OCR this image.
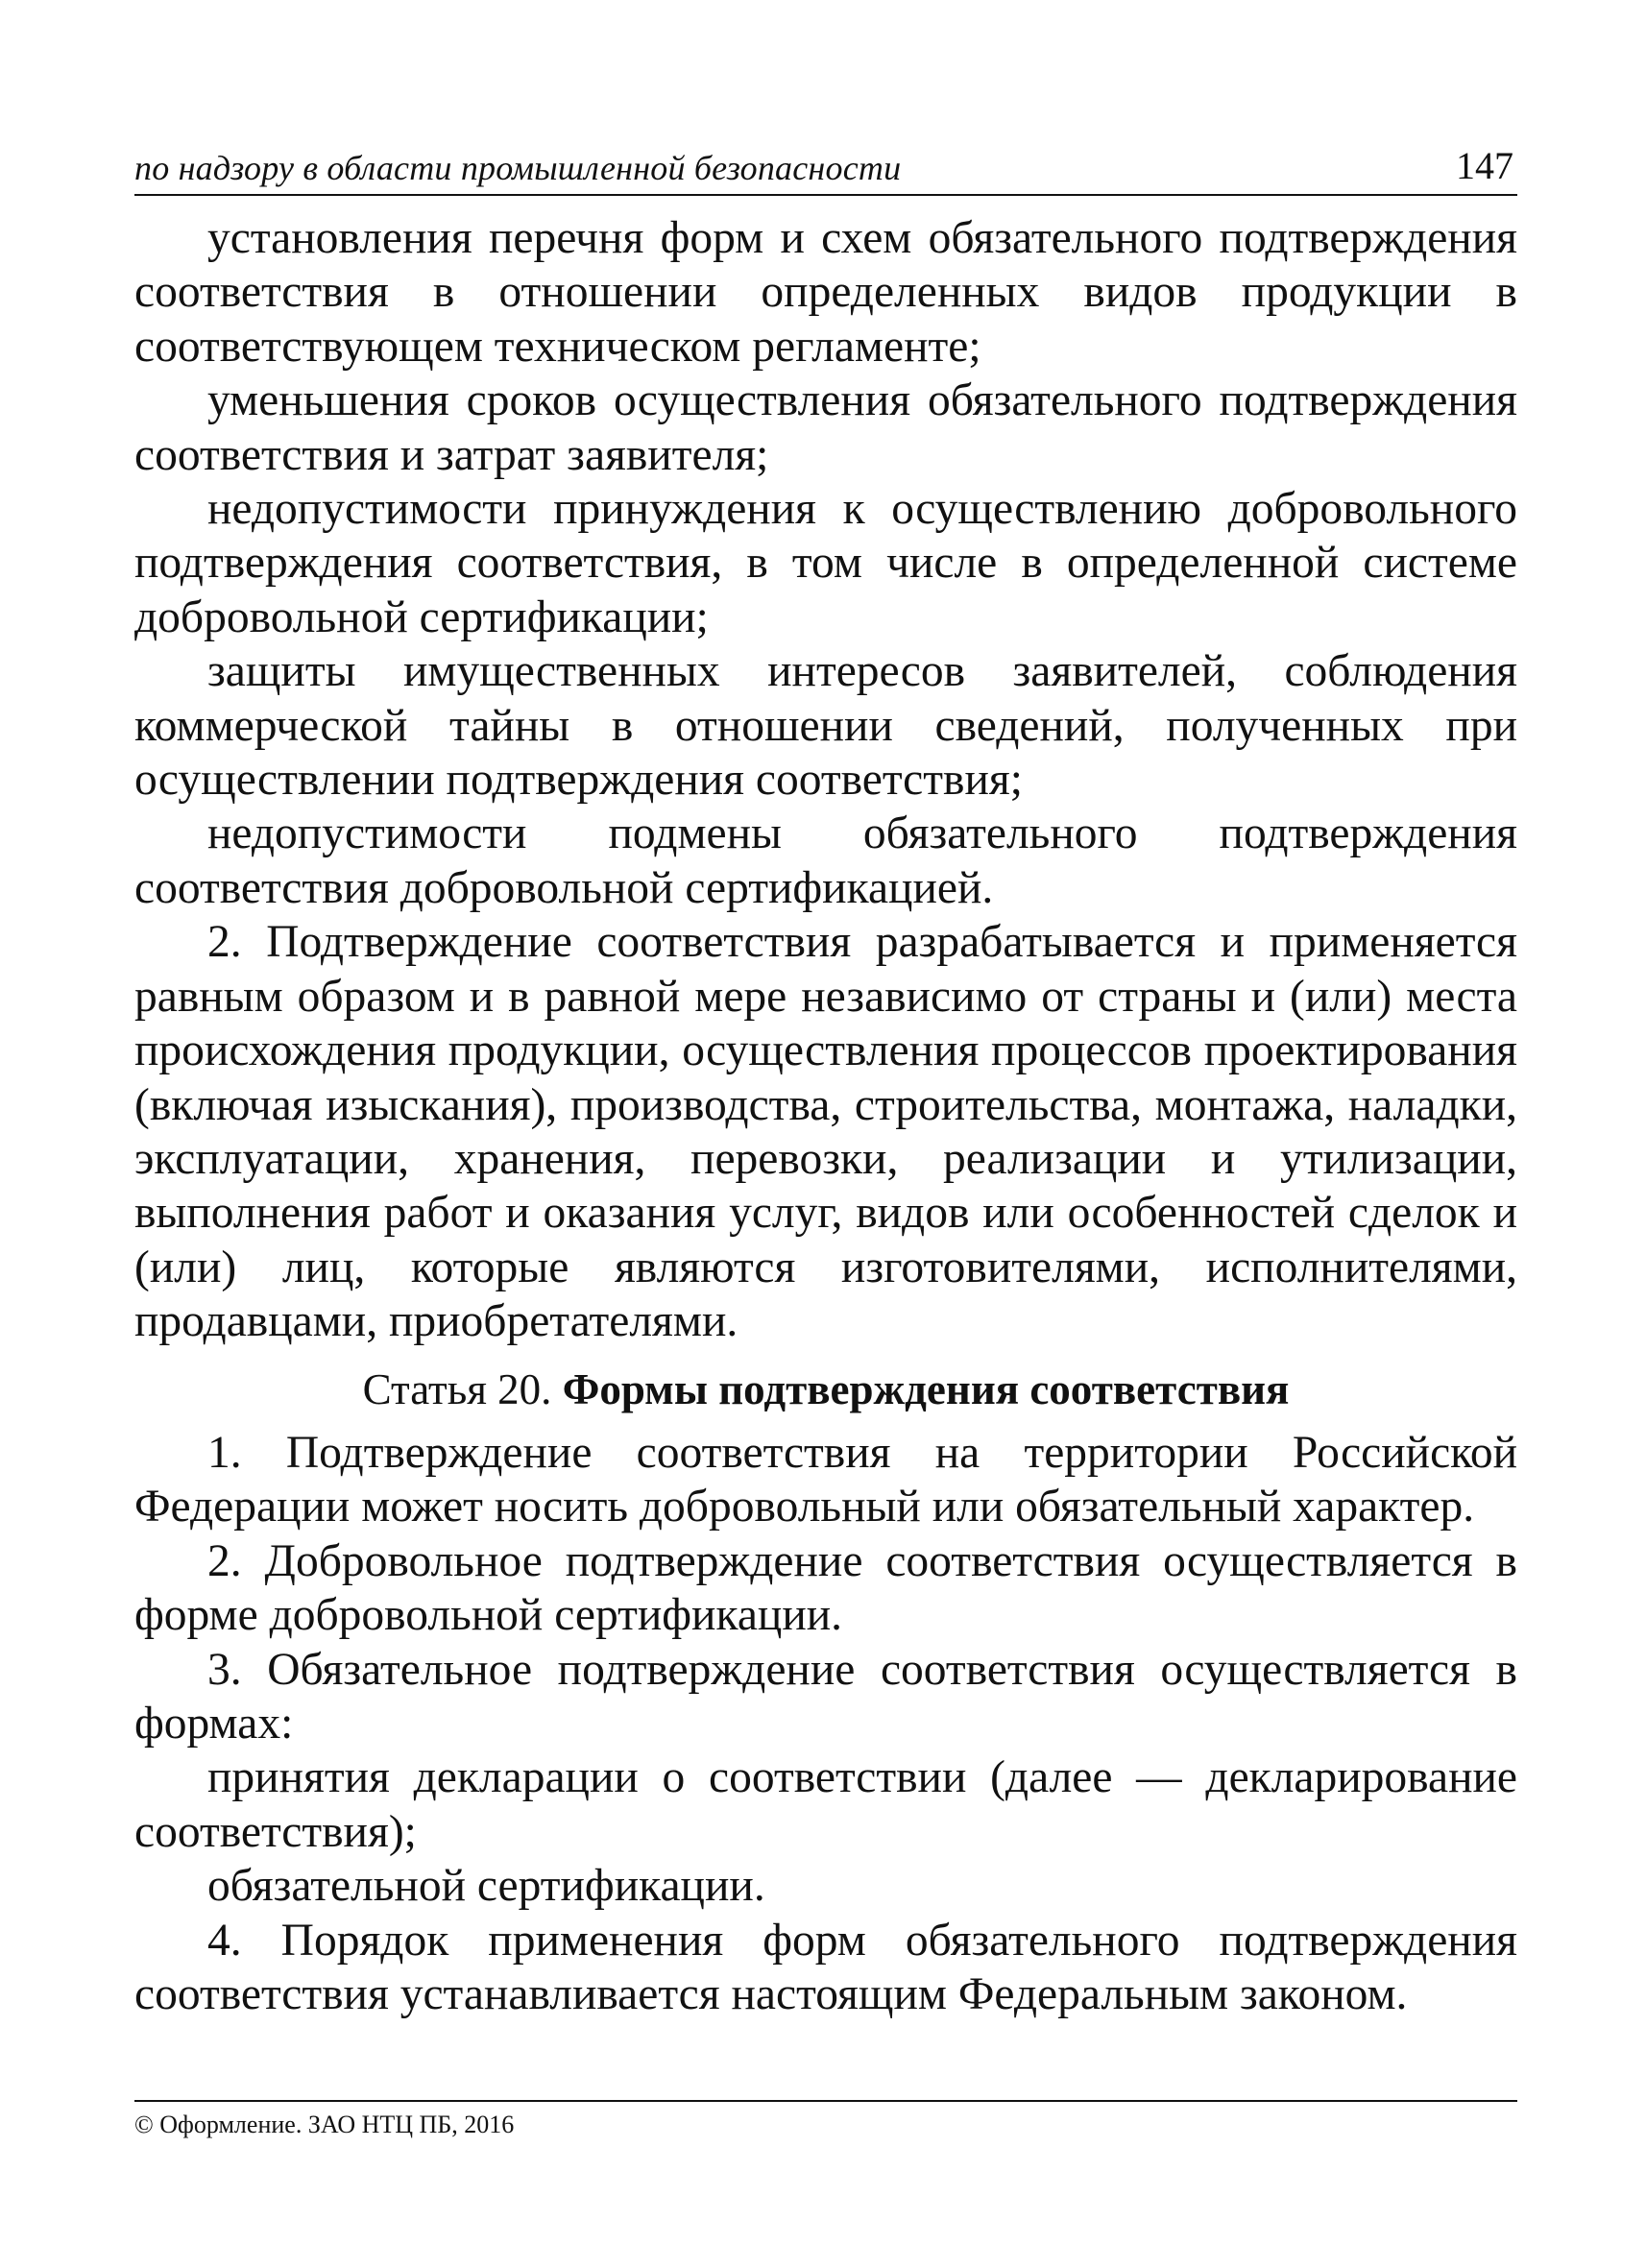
по надзору в области промышленной безопасности	147

установления перечня форм и схем обязательного подтверждения соответствия в отношении определенных видов продукции в соответствующем техническом регламенте;

уменьшения сроков осуществления обязательного подтверждения соответствия и затрат заявителя;

недопустимости принуждения к осуществлению добровольного подтверждения соответствия, в том числе в определенной системе добровольной сертификации;

защиты имущественных интересов заявителей, соблюдения коммерческой тайны в отношении сведений, полученных при осуществлении подтверждения соответствия;

недопустимости подмены обязательного подтверждения соответствия добровольной сертификацией.

2. Подтверждение соответствия разрабатывается и применяется равным образом и в равной мере независимо от страны и (или) места происхождения продукции, осуществления процессов проектирования (включая изыскания), производства, строительства, монтажа, наладки, эксплуатации, хранения, перевозки, реализации и утилизации, выполнения работ и оказания услуг, видов или особенностей сделок и (или) лиц, которые являются изготовителями, исполнителями, продавцами, приобретателями.

Статья 20. Формы подтверждения соответствия

1. Подтверждение соответствия на территории Российской Федерации может носить добровольный или обязательный характер.

2. Добровольное подтверждение соответствия осуществляется в форме добровольной сертификации.

3. Обязательное подтверждение соответствия осуществляется в формах:

принятия декларации о соответствии (далее — декларирование соответствия);

обязательной сертификации.

4. Порядок применения форм обязательного подтверждения соответствия устанавливается настоящим Федеральным законом.

© Оформление. ЗАО НТЦ ПБ, 2016
